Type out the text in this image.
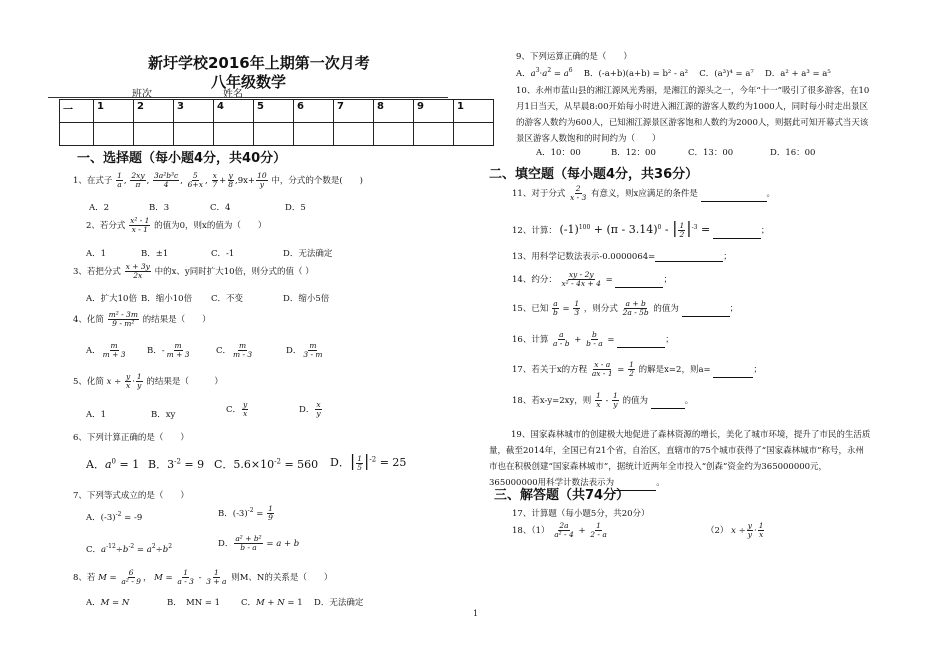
新圩学校2016年上期第一次月考
八年级数学
班次	姓名
一	1	2	3	4	5	6	7	8	9	1

一、选择题（每小题4分，共40分）
1、在式子 $\frac{1}{a}$ , $\frac{2xy}{\pi}$ , $\frac{\text{3a²b³c}}{4}$ , $\frac{5}{6+x}$ , $\frac{x}{7} + \frac{y}{8} ,9x+ \frac{10}{y}$ 中，分式的个数是(　　)
A．2	B．3	C．4	D．5
2、若分式 $\frac{\text{x² - 1}}{x - 1}$ 的值为0，则x的值为（　　）
A．1	B．±1	C．-1	D．无法确定
3、若把分式 $\frac{x + 3y}{2x}$ 中的x、y同时扩大10倍，则分式的值（ ）
A．扩大10倍 B．缩小10倍 C．不变	D．缩小5倍
4、化简 $\frac{\text{m² - 3m}}{\text{9 - m²}}$ 的结果是（　　）
A． $\frac{m}{m + 3}$ B．- $\frac{m}{m + 3}$	C． $\frac{m}{m - 3}$	D． $\frac{m}{3 - m}$
5、化简 $x \div \frac{y}{x} \cdot \frac{1}{y}$ 的结果是（　　　）
A．1	B．xy
C． $\frac{y}{x}$	D． $\frac{x}{y}$
6、下列计算正确的是（　　）
A．$a^0 = 1$ B．$3^{-2} = 9$ C．$5.6\times 10^{-2} = 560$ D．| $\frac{1}{5} |^{-2} = 25$
7、下列等式成立的是（　　）
A．$(-3)^{-2} = -9$	B．$(-3)^{-2} = \frac{1}{9}$
C．$a^{-12}\div b^{-2} = a^2\div b^2$	D． $\frac{\text{a² + b²}}{b - a} = a + b$
8、若 $M = \frac{6}{\text{a² - 9}}$ ， $M = \frac{1}{a - 3} - \frac{1}{3 + a}$ 则M、N的关系是（　　）
A．M = N	B．　MN = 1 C．M + N = 1 D．无法确定
9、下列运算正确的是（　　）
A．$a^3\cdot a^2 = a^6$　 B．(-a+b)(a+b) = b² - a²　 C．(a³)⁴ = a⁷　 D．a² + a³ = a⁵
10、永州市蓝山县的湘江源风光秀丽，是湘江的源头之一，今年“十一”吸引了很多游客，在10月1日当天，从早晨8:00开始每小时进入湘江源的游客人数约为1000人，同时每小时走出景区的游客人数约为600人，已知湘江源景区游客饱和人数约为2000人，则据此可知开幕式当天该景区游客人数饱和的时间约为（　　）
A．10：00	B．12：00	C．13：00	D．16：00
二、填空题（每小题4分，共36分）
11、对于分式 $\frac{2}{x - 3}$ 有意义，则x应满足的条件是	。
12、计算： $(-1)^{100} + (\pi - 3.14)^0$ - | $\frac{1}{2} |^{-3}$ =	；
13、用科学记数法表示-0.0000064=	；
14、约分： $\frac{xy - 2y}{\text{x² - 4x + 4}}$ =	；
15、已知 $\frac{a}{b} = \frac{1}{3}$ ，则分式 $\frac{a + b}{2a - 5b}$ 的值为	；
16、计算 $\frac{a}{a - b} + \frac{b}{b - a}$ =	；
17、若关于x的方程 $\frac{x - a}{ax - 1} = \frac{1}{2}$ 的解是x=2，则a=	；
18、若x-y=2xy，则 $\frac{1}{x} - \frac{1}{y}$ 的值为	。
19、国家森林城市的创建极大地促进了森林资源的增长，美化了城市环境，提升了市民的生活质量，截至2014年，全国已有21个省，自治区，直辖市的75个城市获得了“国家森林城市”称号，永州市也在积极创建“国家森林城市”，据统计近两年全市投入“创森”资金约为365000000元，365000000用科学计数法表示为	。
三、解答题（共74分）
17、计算题（每小题5分，共20分）
18、$(1) \frac{2a}{\text{a² - 4}} + \frac{1}{2 - a}$	（2） $x \div \frac{y}{y} \cdot \frac{1}{x}$
1
